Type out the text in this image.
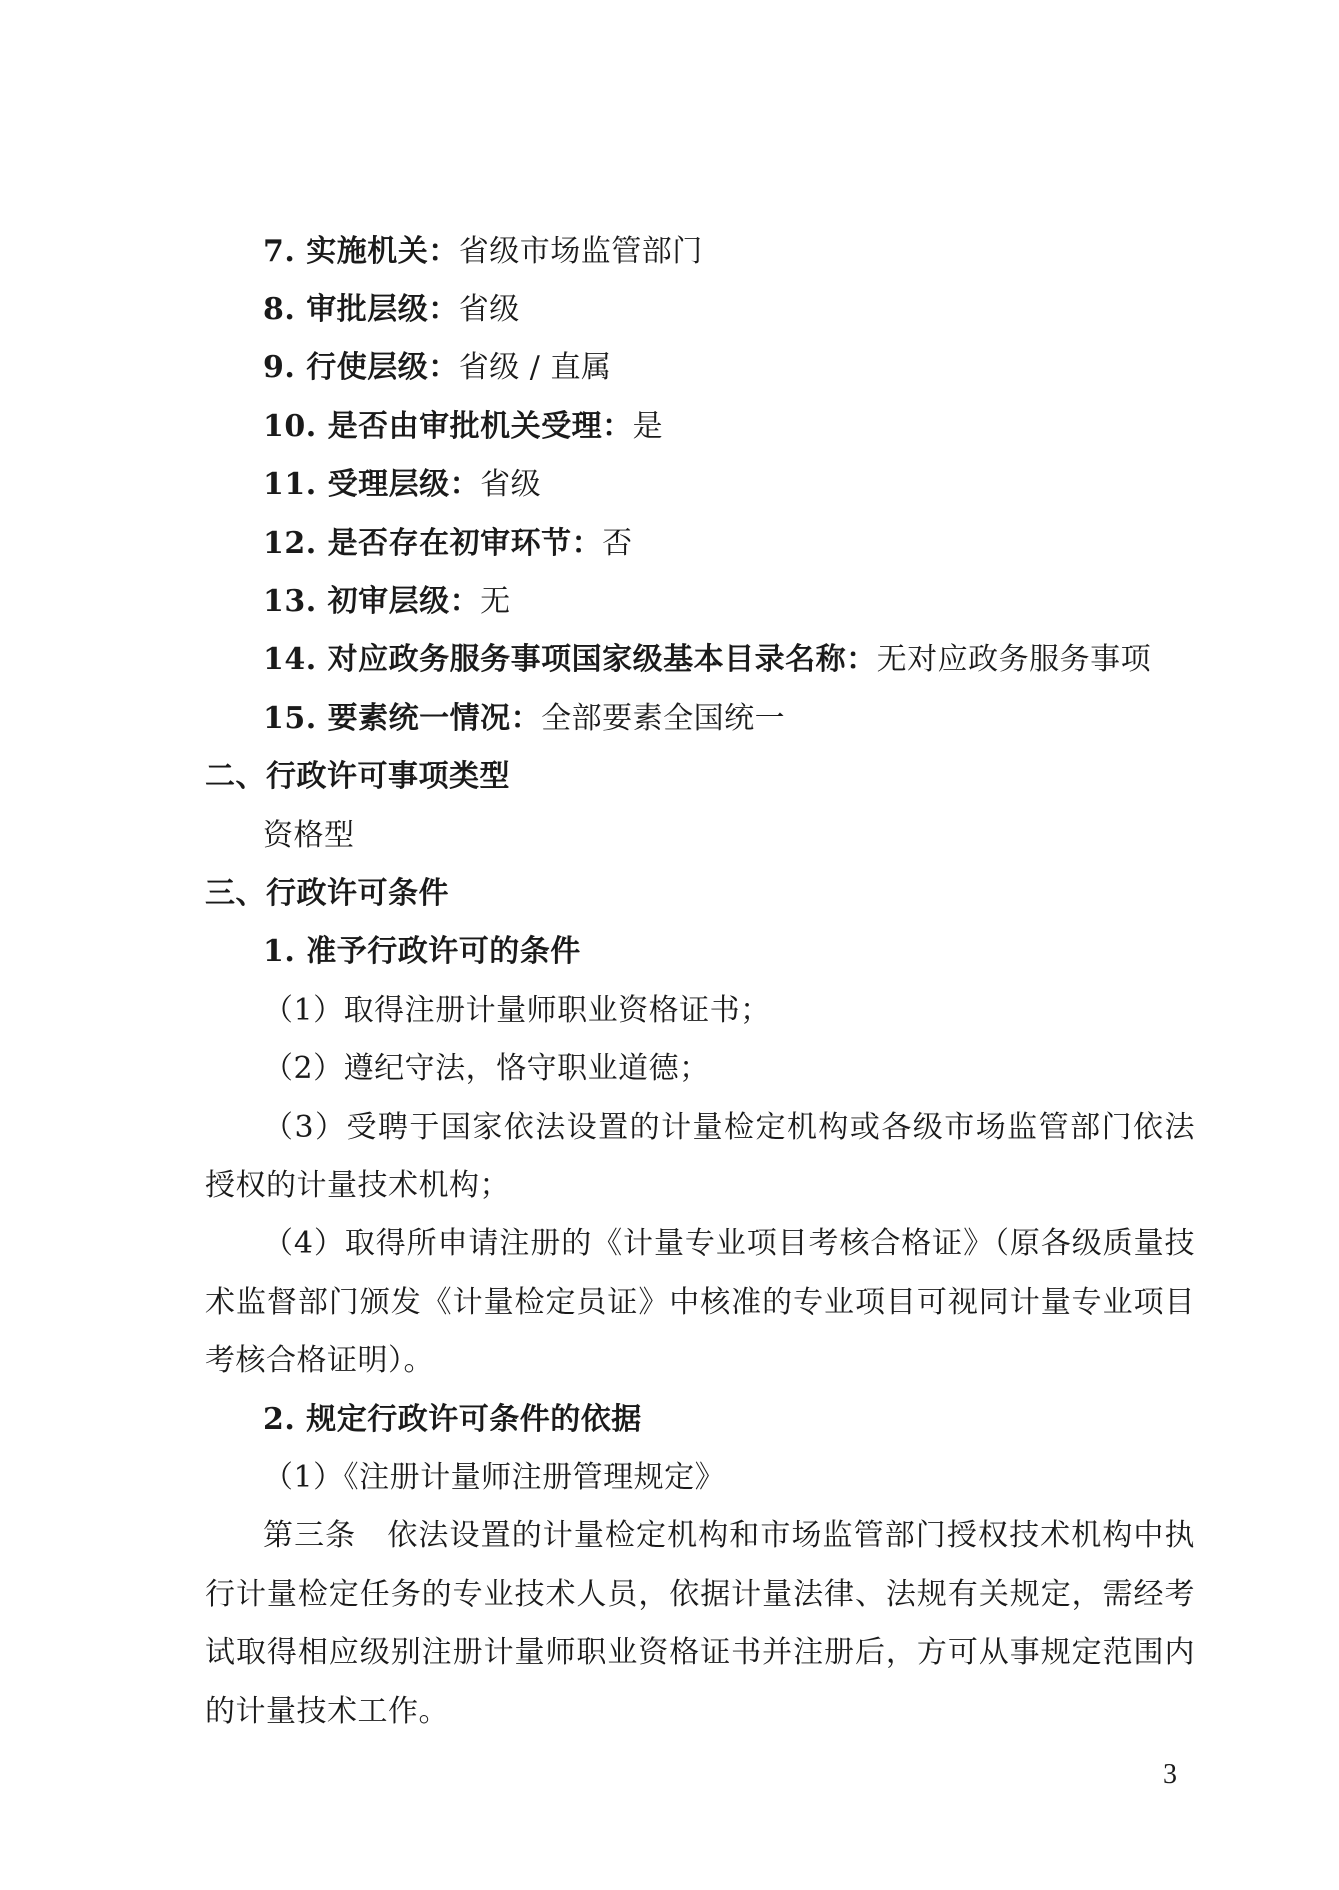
7. 实施机关：省级市场监管部门
8. 审批层级：省级
9. 行使层级：省级 / 直属
10. 是否由审批机关受理：是
11. 受理层级：省级
12. 是否存在初审环节：否
13. 初审层级：无
14. 对应政务服务事项国家级基本目录名称：无对应政务服务事项
15. 要素统一情况：全部要素全国统一
二、行政许可事项类型
资格型
三、行政许可条件
1. 准予行政许可的条件
（1）取得注册计量师职业资格证书；
（2）遵纪守法，恪守职业道德；
（3）受聘于国家依法设置的计量检定机构或各级市场监管部门依法
授权的计量技术机构；
（4）取得所申请注册的《计量专业项目考核合格证》（原各级质量技
术监督部门颁发《计量检定员证》中核准的专业项目可视同计量专业项目
考核合格证明）。
2. 规定行政许可条件的依据
（1）《注册计量师注册管理规定》
第三条　依法设置的计量检定机构和市场监管部门授权技术机构中执
行计量检定任务的专业技术人员，依据计量法律、法规有关规定，需经考
试取得相应级别注册计量师职业资格证书并注册后，方可从事规定范围内
的计量技术工作。
3
